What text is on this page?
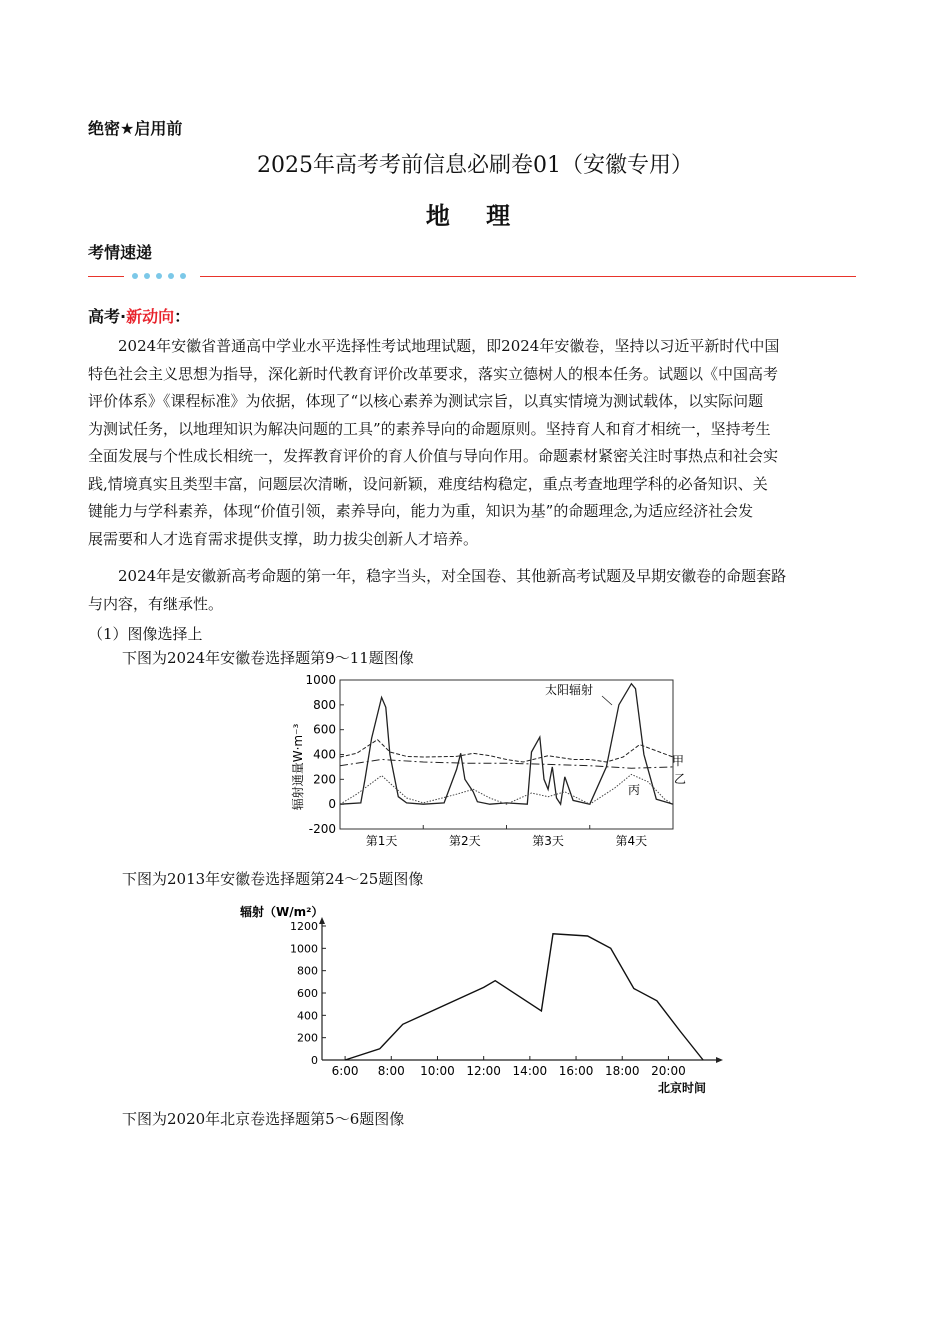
绝密★启用前
2025年高考考前信息必刷卷01（安徽专用）
地 理
考情速递
高考·新动向：
2024年安徽省普通高中学业水平选择性考试地理试题，即2024年安徽卷，坚持以习近平新时代中国
特色社会主义思想为指导，深化新时代教育评价改革要求，落实立德树人的根本任务。试题以《中国高考
评价体系》《课程标准》为依据，体现了“以核心素养为测试宗旨，以真实情境为测试载体，以实际问题
为测试任务，以地理知识为解决问题的工具”的素养导向的命题原则。坚持育人和育才相统一，坚持考生
全面发展与个性成长相统一，发挥教育评价的育人价值与导向作用。命题素材紧密关注时事热点和社会实
践,情境真实且类型丰富，问题层次清晰，设问新颖，难度结构稳定，重点考查地理学科的必备知识、关
键能力与学科素养，体现“价值引领，素养导向，能力为重，知识为基”的命题理念,为适应经济社会发
展需要和人才选育需求提供支撑，助力拔尖创新人才培养。
2024年是安徽新高考命题的第一年，稳字当头，对全国卷、其他新高考试题及早期安徽卷的命题套路
与内容，有继承性。
（1）图像选择上
下图为2024年安徽卷选择题第9～11题图像
1000
800
600
400
200
0
-200
第1天	第2天	第3天	第4天
辐射通量W·m⁻³
太阳辐射
甲
乙
丙
下图为2013年安徽卷选择题第24～25题图像
辐射（W/m²）
北京时间
0
200
400
600
800
1000
1200
6:00 8:00 10:00 12:00 14:00 16:00 18:00 20:00
下图为2020年北京卷选择题第5～6题图像
